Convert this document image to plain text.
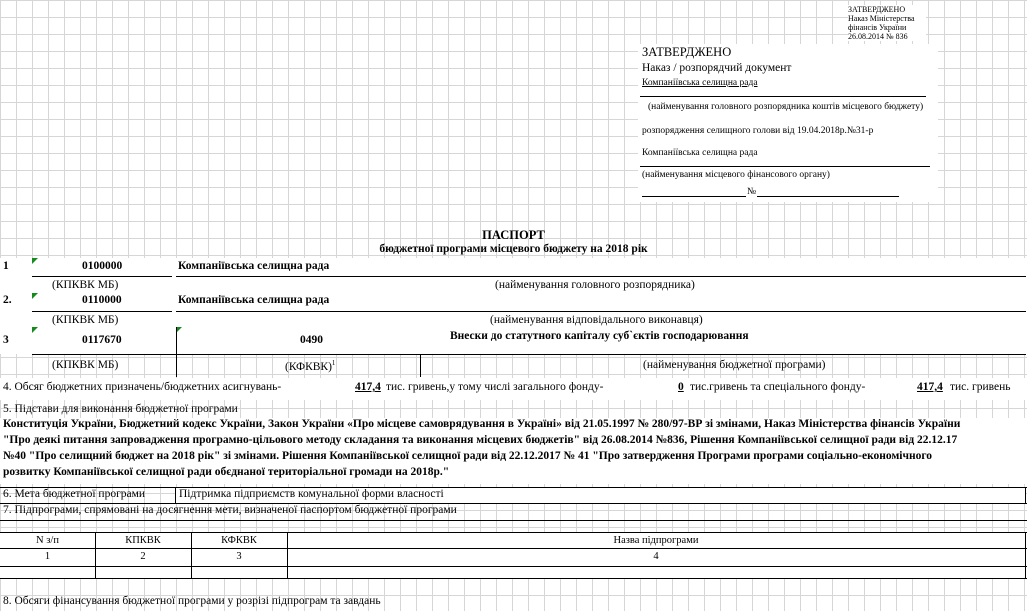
ЗАТВЕРДЖЕНО
Наказ Міністерства
фінансів України
26.08.2014 № 836
ЗАТВЕРДЖЕНО
Наказ / розпорядчий документ
Компаніївська селищна рада
(найменування головного розпорядника коштів місцевого бюджету)
розпорядження селищного голови від 19.04.2018р.№31-р
Компаніївська селищна рада
(найменування місцевого фінансового органу)
№
ПАСПОРТ
бюджетної програми місцевого бюджету на 2018 рік
1	0100000	Компаніївська селищна рада
(КПКВК МБ)	(найменування головного розпорядника)
2.	0110000	Компаніївська селищна рада
(КПКВК МБ)	(найменування відповідального виконавця)
3	0117670	0490	Внески до статутного капіталу суб`єктів господарювання
(КПКВК МБ)	(КФКВК)$^1$	(найменування бюджетної програми)
4. Обсяг бюджетних призначень/бюджетних асигнувань-	417,4 тис. гривень,у тому числі загального фонду-	0 тис.гривень та спеціального фонду-	417,4 тис. гривень
5. Підстави для виконання бюджетної програми
Конституція України, Бюджетний кодекс України, Закон України «Про місцеве самоврядування в Україні» від 21.05.1997 № 280/97-ВР зі змінами, Наказ Міністерства фінансів України
"Про деякі питання запровадження програмно-цільового методу складання та виконання місцевих бюджетів" від 26.08.2014 №836, Рішення Компаніївської селищної ради від 22.12.17
№40 "Про селищний бюджет на 2018 рік" зі змінами. Рішення Компаніївської селищної ради від 22.12.2017 № 41 "Про затвердження Програми програми соціально-економічного
розвитку Компаніївської селищної ради обєднаної територіальної громади на 2018р."
6. Мета бюджетної програми	Підтримка підприємств комунальної форми власності
7. Підпрограми, спрямовані на досягнення мети, визначеної паспортом бюджетної програми
N з/п	КПКВК	КФКВК	Назва підпрограми
1	2	3	4
8. Обсяги фінансування бюджетної програми у розрізі підпрограм та завдань
